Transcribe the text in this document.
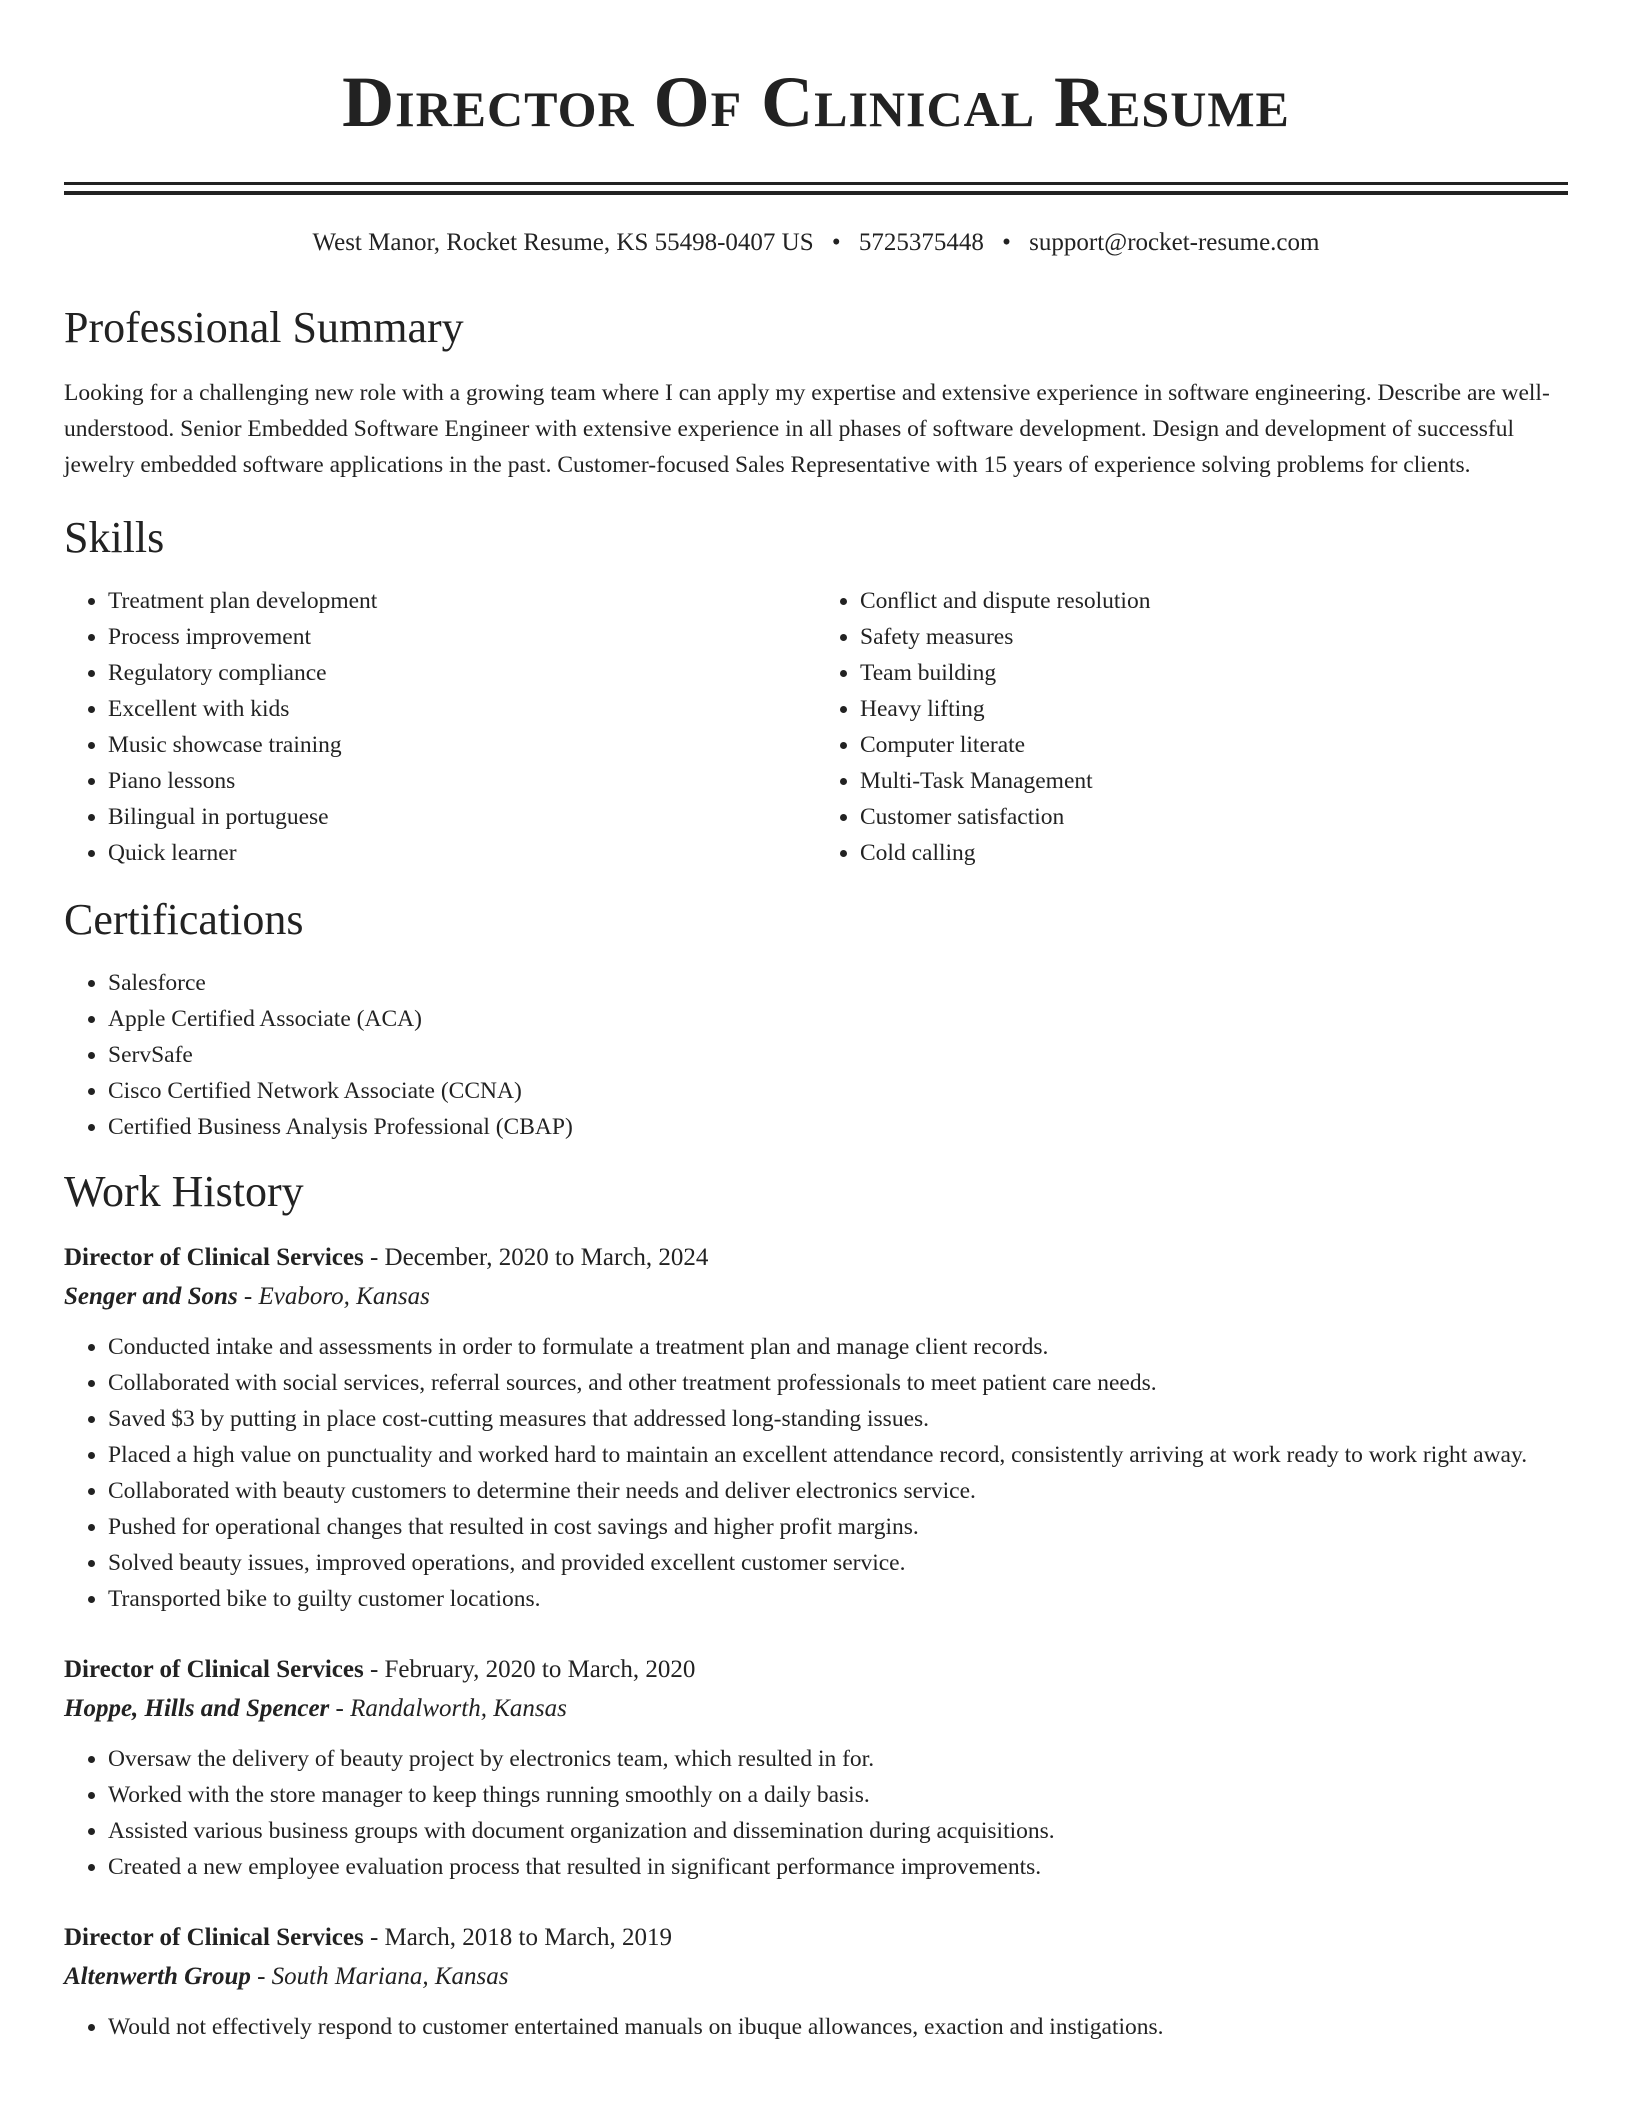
Director Of Clinical Resume
West Manor, Rocket Resume, KS 55498-0407 US • 5725375448 • support@rocket-resume.com
Professional Summary

Looking for a challenging new role with a growing team where I can apply my expertise and extensive experience in software engineering. Describe are well-understood. Senior Embedded Software Engineer with extensive experience in all phases of software development. Design and development of successful jewelry embedded software applications in the past. Customer-focused Sales Representative with 15 years of experience solving problems for clients.

Skills
• Treatment plan development
• Process improvement
• Regulatory compliance
• Excellent with kids
• Music showcase training
• Piano lessons
• Bilingual in portuguese
• Quick learner
• Conflict and dispute resolution
• Safety measures
• Team building
• Heavy lifting
• Computer literate
• Multi-Task Management
• Customer satisfaction
• Cold calling
Certifications
• Salesforce
• Apple Certified Associate (ACA)
• ServSafe
• Cisco Certified Network Associate (CCNA)
• Certified Business Analysis Professional (CBAP)
Work History
Director of Clinical Services - December, 2020 to March, 2024
Senger and Sons - Evaboro, Kansas
• Conducted intake and assessments in order to formulate a treatment plan and manage client records.
• Collaborated with social services, referral sources, and other treatment professionals to meet patient care needs.
• Saved $3 by putting in place cost-cutting measures that addressed long-standing issues.
• Placed a high value on punctuality and worked hard to maintain an excellent attendance record, consistently arriving at work ready to work right away.
• Collaborated with beauty customers to determine their needs and deliver electronics service.
• Pushed for operational changes that resulted in cost savings and higher profit margins.
• Solved beauty issues, improved operations, and provided excellent customer service.
• Transported bike to guilty customer locations.
Director of Clinical Services - February, 2020 to March, 2020
Hoppe, Hills and Spencer - Randalworth, Kansas
• Oversaw the delivery of beauty project by electronics team, which resulted in for.
• Worked with the store manager to keep things running smoothly on a daily basis.
• Assisted various business groups with document organization and dissemination during acquisitions.
• Created a new employee evaluation process that resulted in significant performance improvements.
Director of Clinical Services - March, 2018 to March, 2019
Altenwerth Group - South Mariana, Kansas
• Would not effectively respond to customer entertained manuals on ibuque allowances, exaction and instigations.
